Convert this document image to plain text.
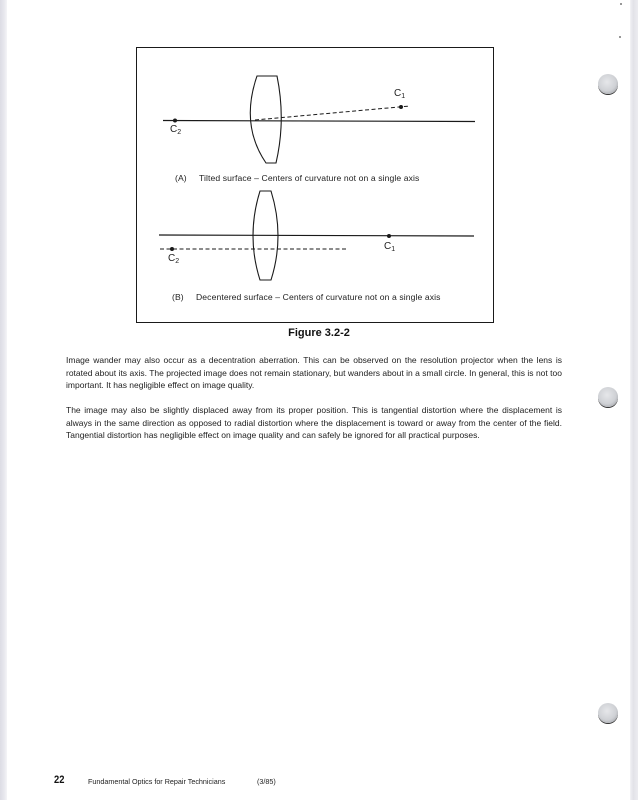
$C_1$
$C_2$
$C_1$
$C_2$
(A) Tilted surface – Centers of curvature not on a single axis
(B) Decentered surface – Centers of curvature not on a single axis
Figure 3.2-2
Image wander may also occur as a decentration aberration. This can be observed on the resolution projector when the lens is rotated about its axis. The projected image does not remain stationary, but wanders about in a small circle. In general, this is not too important. It has negligible effect on image quality.
The image may also be slightly displaced away from its proper position. This is tangential distortion where the displacement is always in the same direction as opposed to radial distortion where the displacement is toward or away from the center of the field. Tangential distortion has negligible effect on image quality and can safely be ignored for all practical purposes.
22	Fundamental Optics for Repair Technicians	(3/85)
